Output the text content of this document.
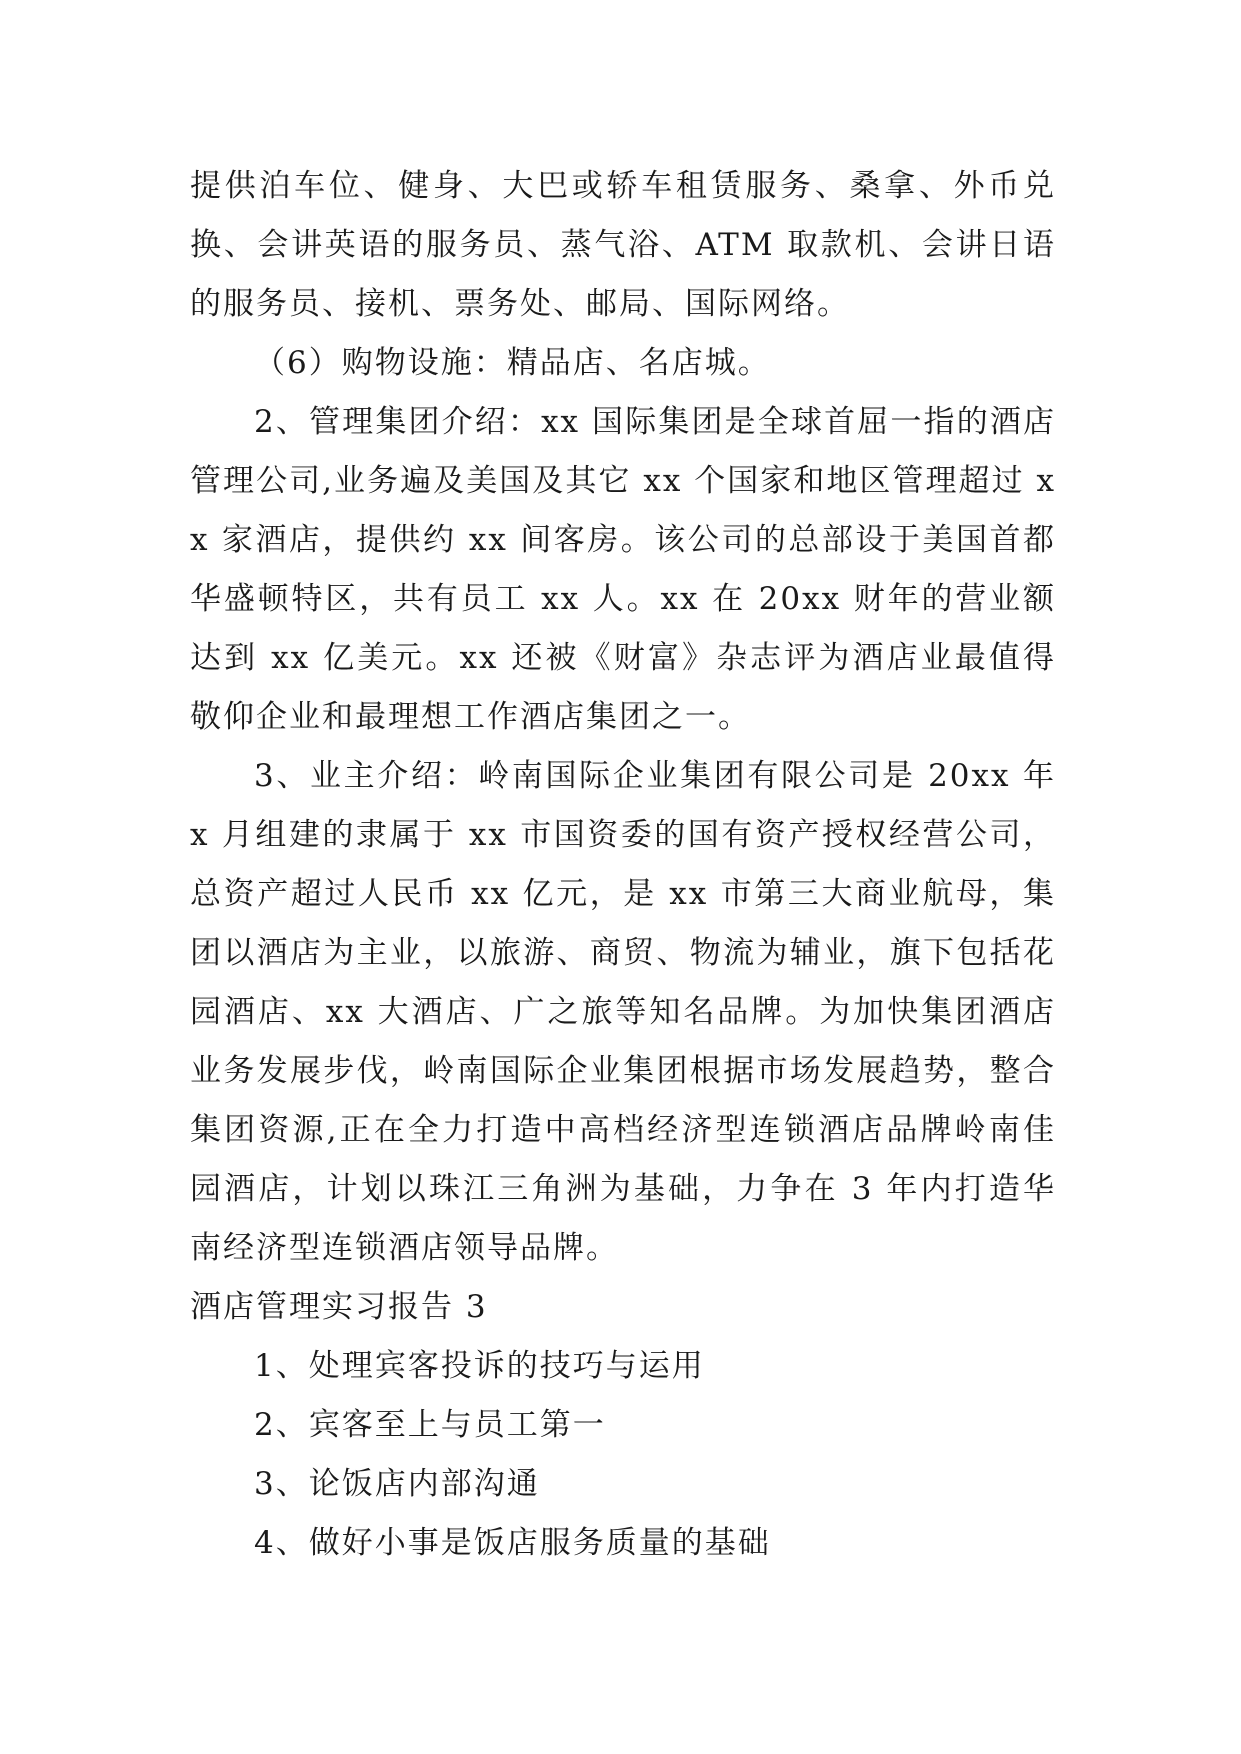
提供泊车位、健身、大巴或轿车租赁服务、桑拿、外币兑换、会讲英语的服务员、蒸气浴、ATM 取款机、会讲日语的服务员、接机、票务处、邮局、国际网络。

（6）购物设施：精品店、名店城。

2、管理集团介绍：xx 国际集团是全球首屈一指的酒店管理公司,业务遍及美国及其它 xx 个国家和地区管理超过 xx 家酒店，提供约 xx 间客房。该公司的总部设于美国首都华盛顿特区，共有员工 xx 人。xx 在 20xx 财年的营业额达到 xx 亿美元。xx 还被《财富》杂志评为酒店业最值得敬仰企业和最理想工作酒店集团之一。

3、业主介绍：岭南国际企业集团有限公司是 20xx 年 x 月组建的隶属于 xx 市国资委的国有资产授权经营公司，总资产超过人民币 xx 亿元，是 xx 市第三大商业航母，集团以酒店为主业，以旅游、商贸、物流为辅业，旗下包括花园酒店、xx 大酒店、广之旅等知名品牌。为加快集团酒店业务发展步伐，岭南国际企业集团根据市场发展趋势，整合集团资源,正在全力打造中高档经济型连锁酒店品牌岭南佳园酒店，计划以珠江三角洲为基础，力争在 3 年内打造华南经济型连锁酒店领导品牌。

酒店管理实习报告 3

1、处理宾客投诉的技巧与运用

2、宾客至上与员工第一

3、论饭店内部沟通

4、做好小事是饭店服务质量的基础
